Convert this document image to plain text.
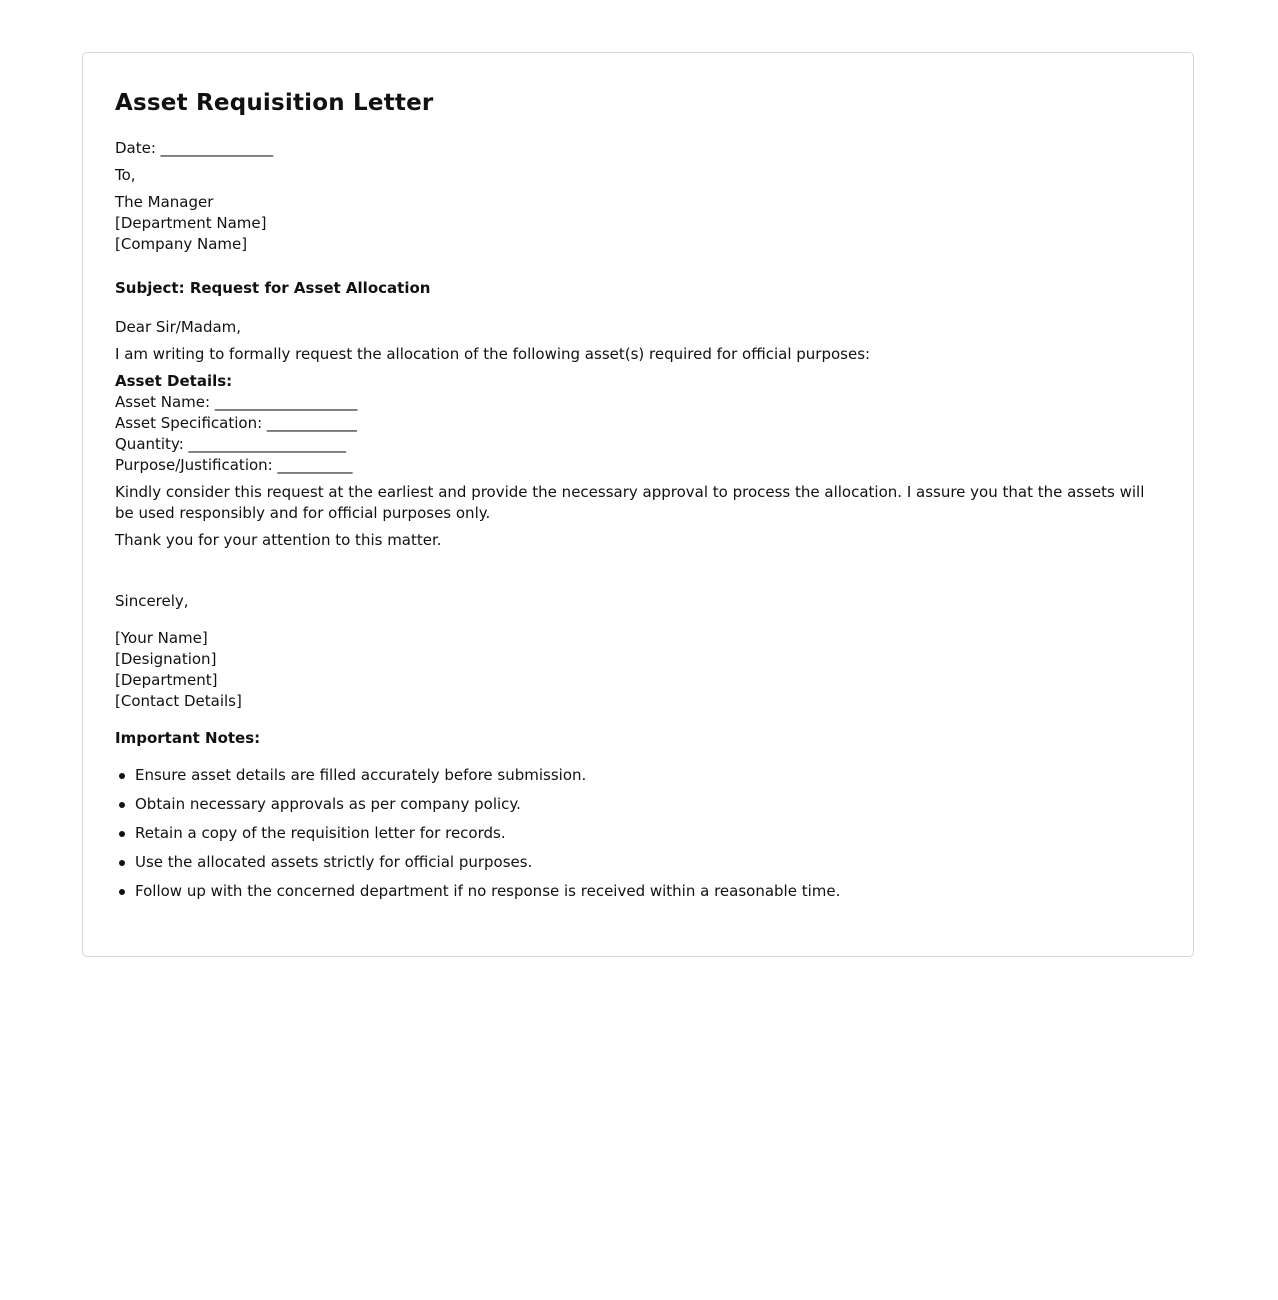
Asset Requisition Letter

Date: _______________

To,

The Manager
[Department Name]
[Company Name]

Subject: Request for Asset Allocation

Dear Sir/Madam,

I am writing to formally request the allocation of the following asset(s) required for official purposes:

Asset Details:
Asset Name: ___________________
Asset Specification: ____________
Quantity: _____________________
Purpose/Justification: __________

Kindly consider this request at the earliest and provide the necessary approval to process the allocation. I assure you that the assets will be used responsibly and for official purposes only.

Thank you for your attention to this matter.

Sincerely,

[Your Name]
[Designation]
[Department]
[Contact Details]

Important Notes:

Ensure asset details are filled accurately before submission.
Obtain necessary approvals as per company policy.
Retain a copy of the requisition letter for records.
Use the allocated assets strictly for official purposes.
Follow up with the concerned department if no response is received within a reasonable time.
